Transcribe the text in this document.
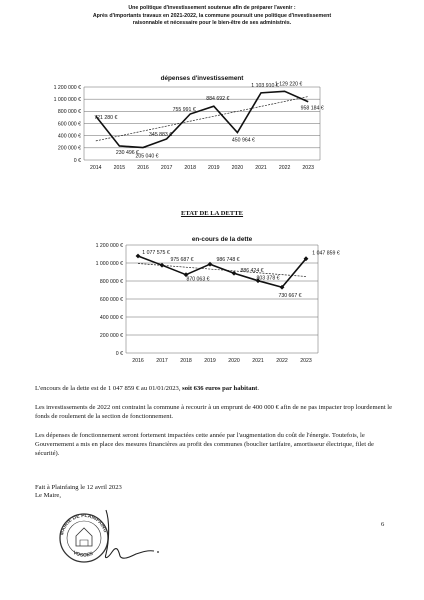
Une politique d'investissement soutenue afin de préparer l'avenir :
Après d'importants travaux en 2021-2022, la commune poursuit une politique d'investissement
raisonnable et nécessaire pour le bien-être de ses administrés.
dépenses d'investissement
0 €
200 000 €
400 000 €
600 000 €
800 000 €
1 000 000 €
1 200 000 €
2014 2015 2016 2017 2018 2019 2020 2021 2022 2023
721 280 €
230 496 €
205 040 €
345 883 €
755 991 €
884 692 €
450 964 €
1 103 910 €
1 129 220 €
958 184 €
ETAT DE LA DETTE
en-cours de la dette
0 €
200 000 €
400 000 €
600 000 €
800 000 €
1 000 000 €
1 200 000 €
2016 2017 2018 2019 2020 2021 2022 2023
1 077 575 €
975 687 €
870 063 €
986 748 €
886 424 €
803 378 €
730 667 €
1 047 859 €
L'encours de la dette est de 1 047 859 € au 01/01/2023, soit 636 euros par habitant.
Les investissements de 2022 ont contraint la commune à recourir à un emprunt de 400 000 € afin de ne pas impacter trop lourdement le fonds de roulement de la section de fonctionnement.
Les dépenses de fonctionnement seront fortement impactées cette année par l'augmentation du coût de l'énergie. Toutefois, le Gouvernement a mis en place des mesures financières au profit des communes (bouclier tarifaire, amortisseur électrique, filet de sécurité).
Fait à Plainfaing le 12 avril 2023
Le Maire,
MAIRIE DE PLAINFAING
VOSGES
6
